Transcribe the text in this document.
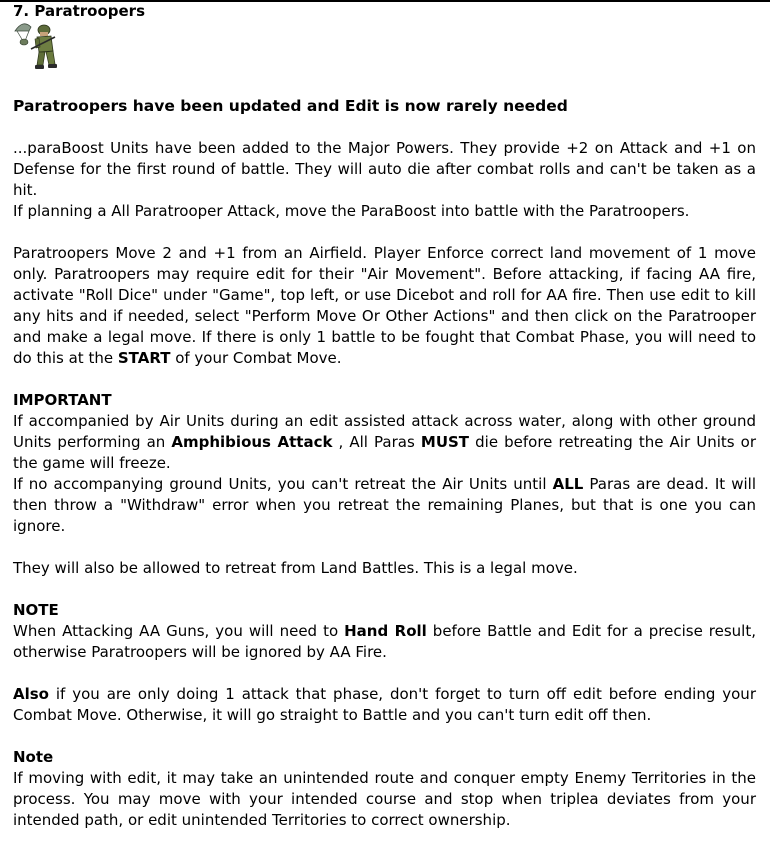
7. Paratroopers

Paratroopers have been updated and Edit is now rarely needed

...paraBoost Units have been added to the Major Powers. They provide +2 on Attack and +1 on Defense for the first round of battle. They will auto die after combat rolls and can't be taken as a hit.

If planning a All Paratrooper Attack, move the ParaBoost into battle with the Paratroopers.

Paratroopers Move 2 and +1 from an Airfield. Player Enforce correct land movement of 1 move only. Paratroopers may require edit for their "Air Movement". Before attacking, if facing AA fire, activate "Roll Dice" under "Game", top left, or use Dicebot and roll for AA fire. Then use edit to kill any hits and if needed, select "Perform Move Or Other Actions" and then click on the Paratrooper and make a legal move. If there is only 1 battle to be fought that Combat Phase, you will need to do this at the START of your Combat Move.

IMPORTANT

If accompanied by Air Units during an edit assisted attack across water, along with other ground Units performing an Amphibious Attack , All Paras MUST die before retreating the Air Units or the game will freeze.

If no accompanying ground Units, you can't retreat the Air Units until ALL Paras are dead. It will then throw a "Withdraw" error when you retreat the remaining Planes, but that is one you can ignore.

They will also be allowed to retreat from Land Battles. This is a legal move.

NOTE

When Attacking AA Guns, you will need to Hand Roll before Battle and Edit for a precise result, otherwise Paratroopers will be ignored by AA Fire.

Also if you are only doing 1 attack that phase, don't forget to turn off edit before ending your Combat Move. Otherwise, it will go straight to Battle and you can't turn edit off then.

Note

If moving with edit, it may take an unintended route and conquer empty Enemy Territories in the process. You may move with your intended course and stop when triplea deviates from your intended path, or edit unintended Territories to correct ownership.
